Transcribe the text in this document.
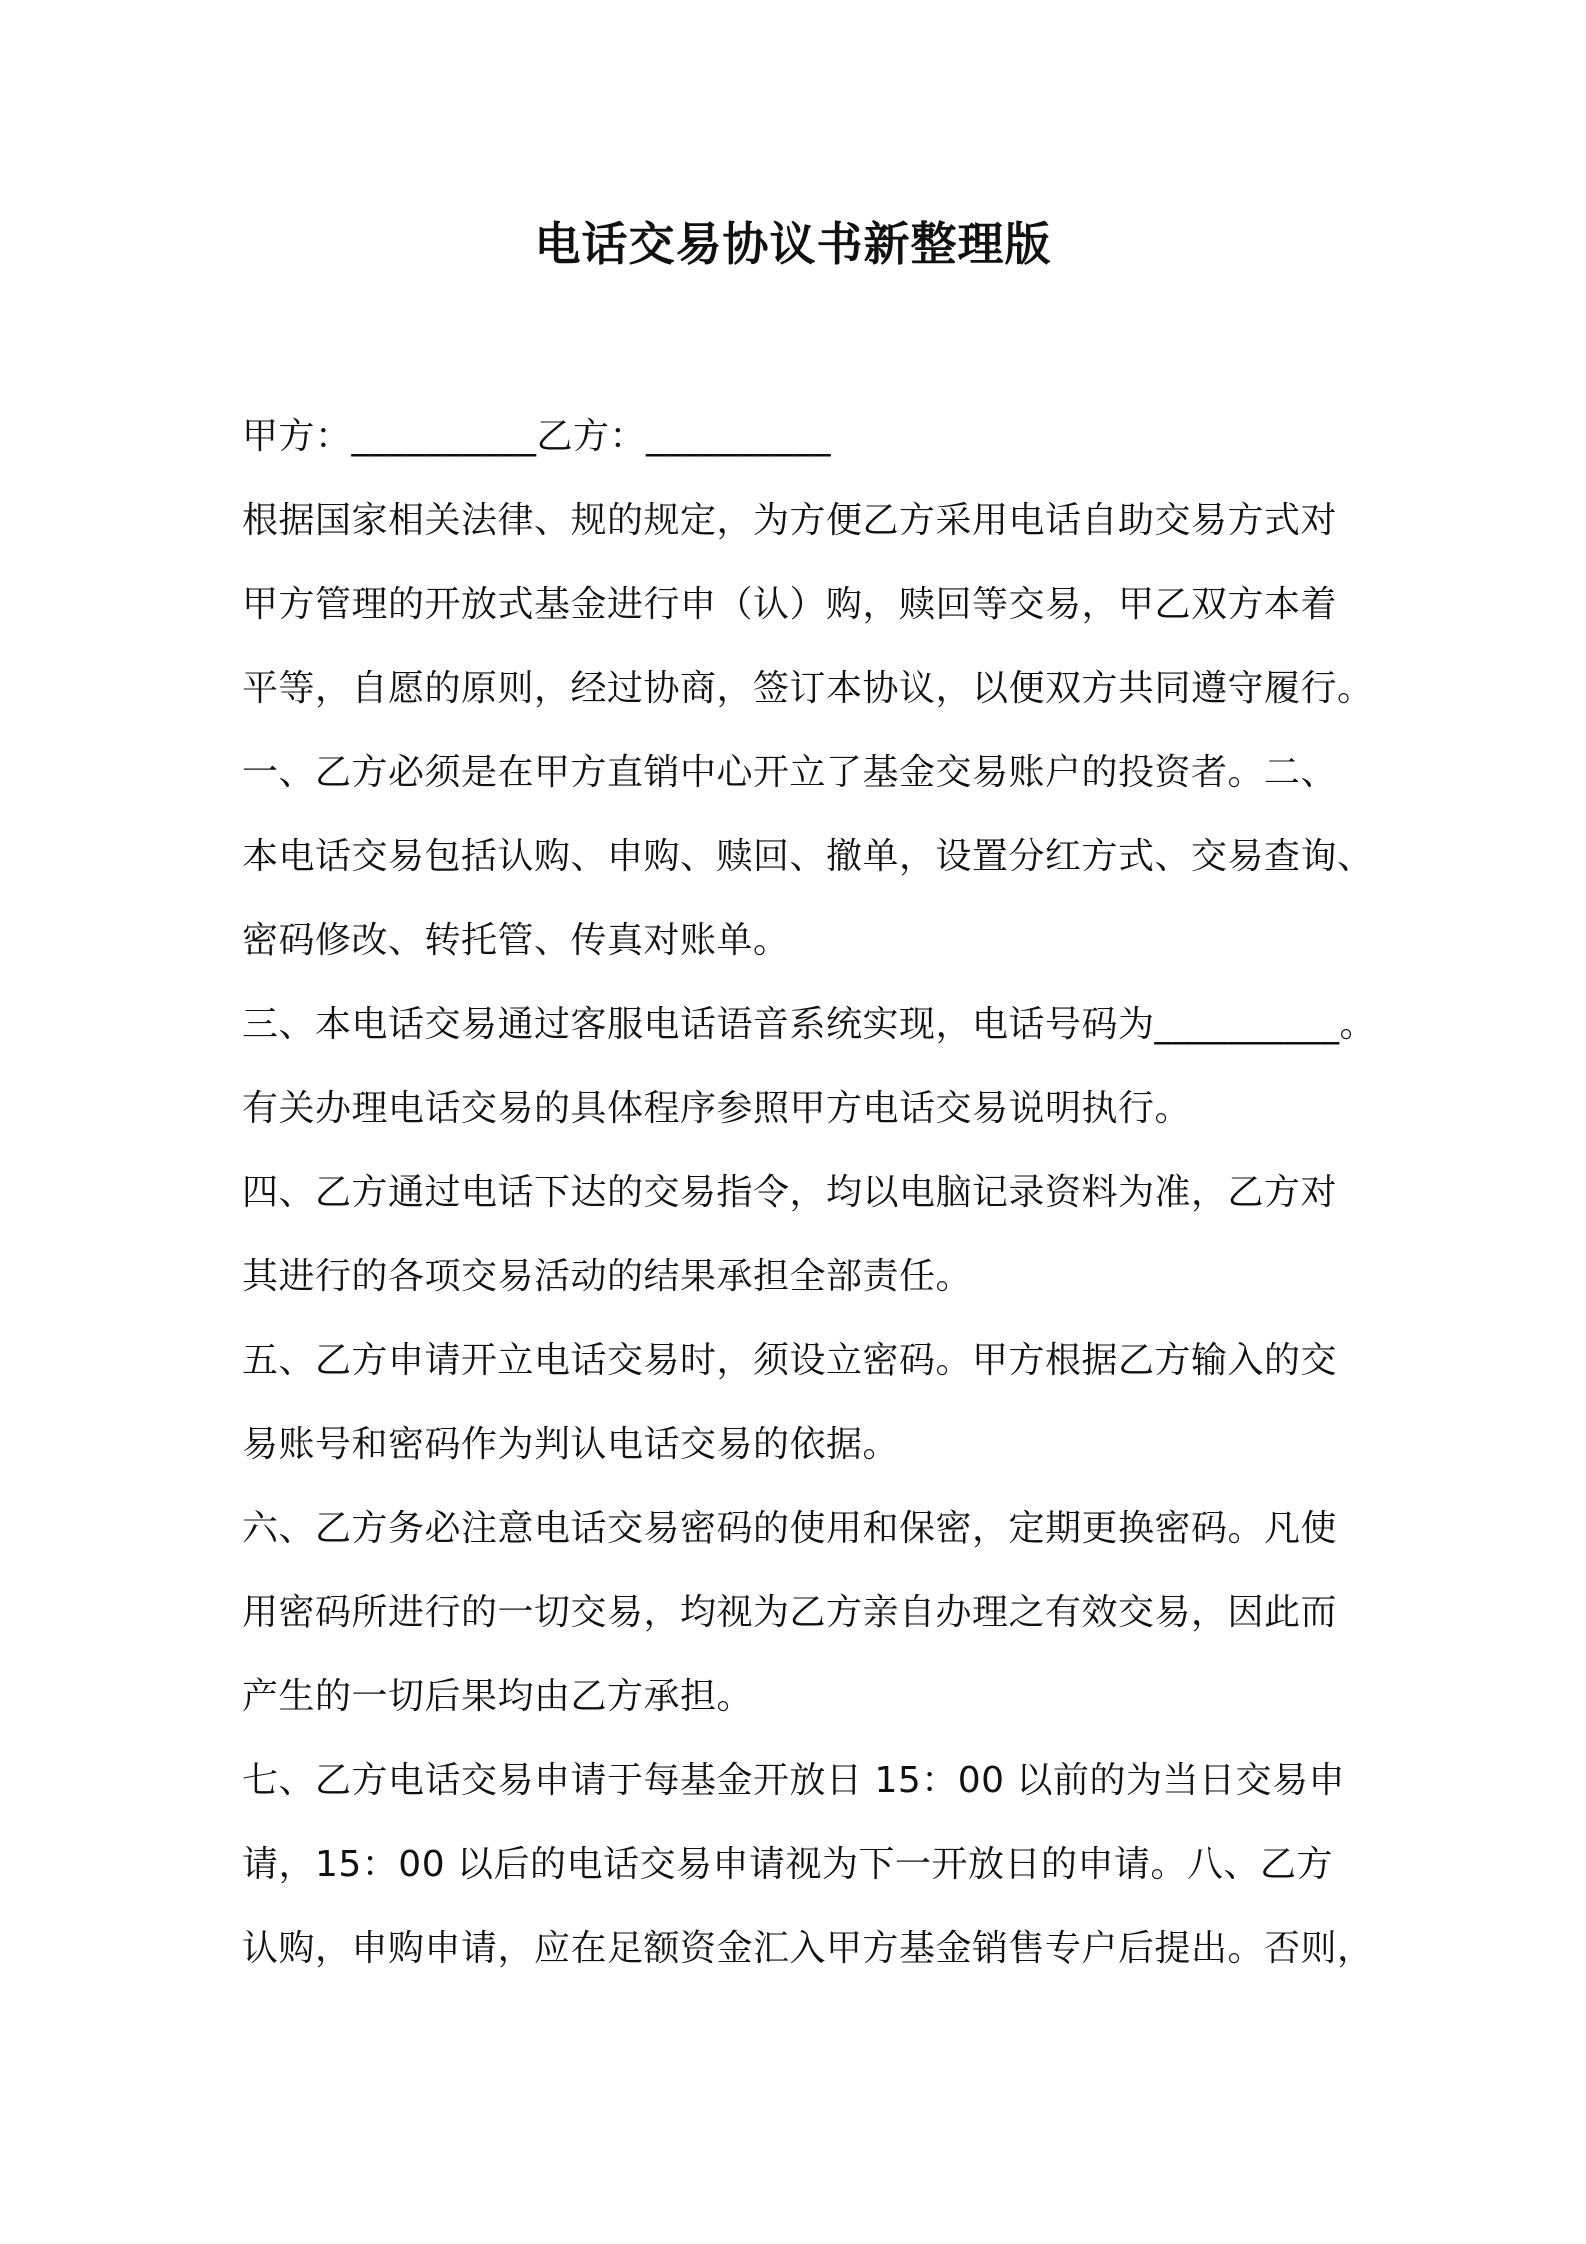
电话交易协议书新整理版
甲方：__________乙方：__________
根据国家相关法律、规的规定，为方便乙方采用电话自助交易方式对
甲方管理的开放式基金进行申（认）购，赎回等交易，甲乙双方本着
平等，自愿的原则，经过协商，签订本协议，以便双方共同遵守履行。
一、乙方必须是在甲方直销中心开立了基金交易账户的投资者。二、
本电话交易包括认购、申购、赎回、撤单，设置分红方式、交易查询、
密码修改、转托管、传真对账单。
三、本电话交易通过客服电话语音系统实现，电话号码为__________。
有关办理电话交易的具体程序参照甲方电话交易说明执行。
四、乙方通过电话下达的交易指令，均以电脑记录资料为准，乙方对
其进行的各项交易活动的结果承担全部责任。
五、乙方申请开立电话交易时，须设立密码。甲方根据乙方输入的交
易账号和密码作为判认电话交易的依据。
六、乙方务必注意电话交易密码的使用和保密，定期更换密码。凡使
用密码所进行的一切交易，均视为乙方亲自办理之有效交易，因此而
产生的一切后果均由乙方承担。
七、乙方电话交易申请于每基金开放日 15：00 以前的为当日交易申
请，15：00 以后的电话交易申请视为下一开放日的申请。八、乙方
认购，申购申请，应在足额资金汇入甲方基金销售专户后提出。否则，
